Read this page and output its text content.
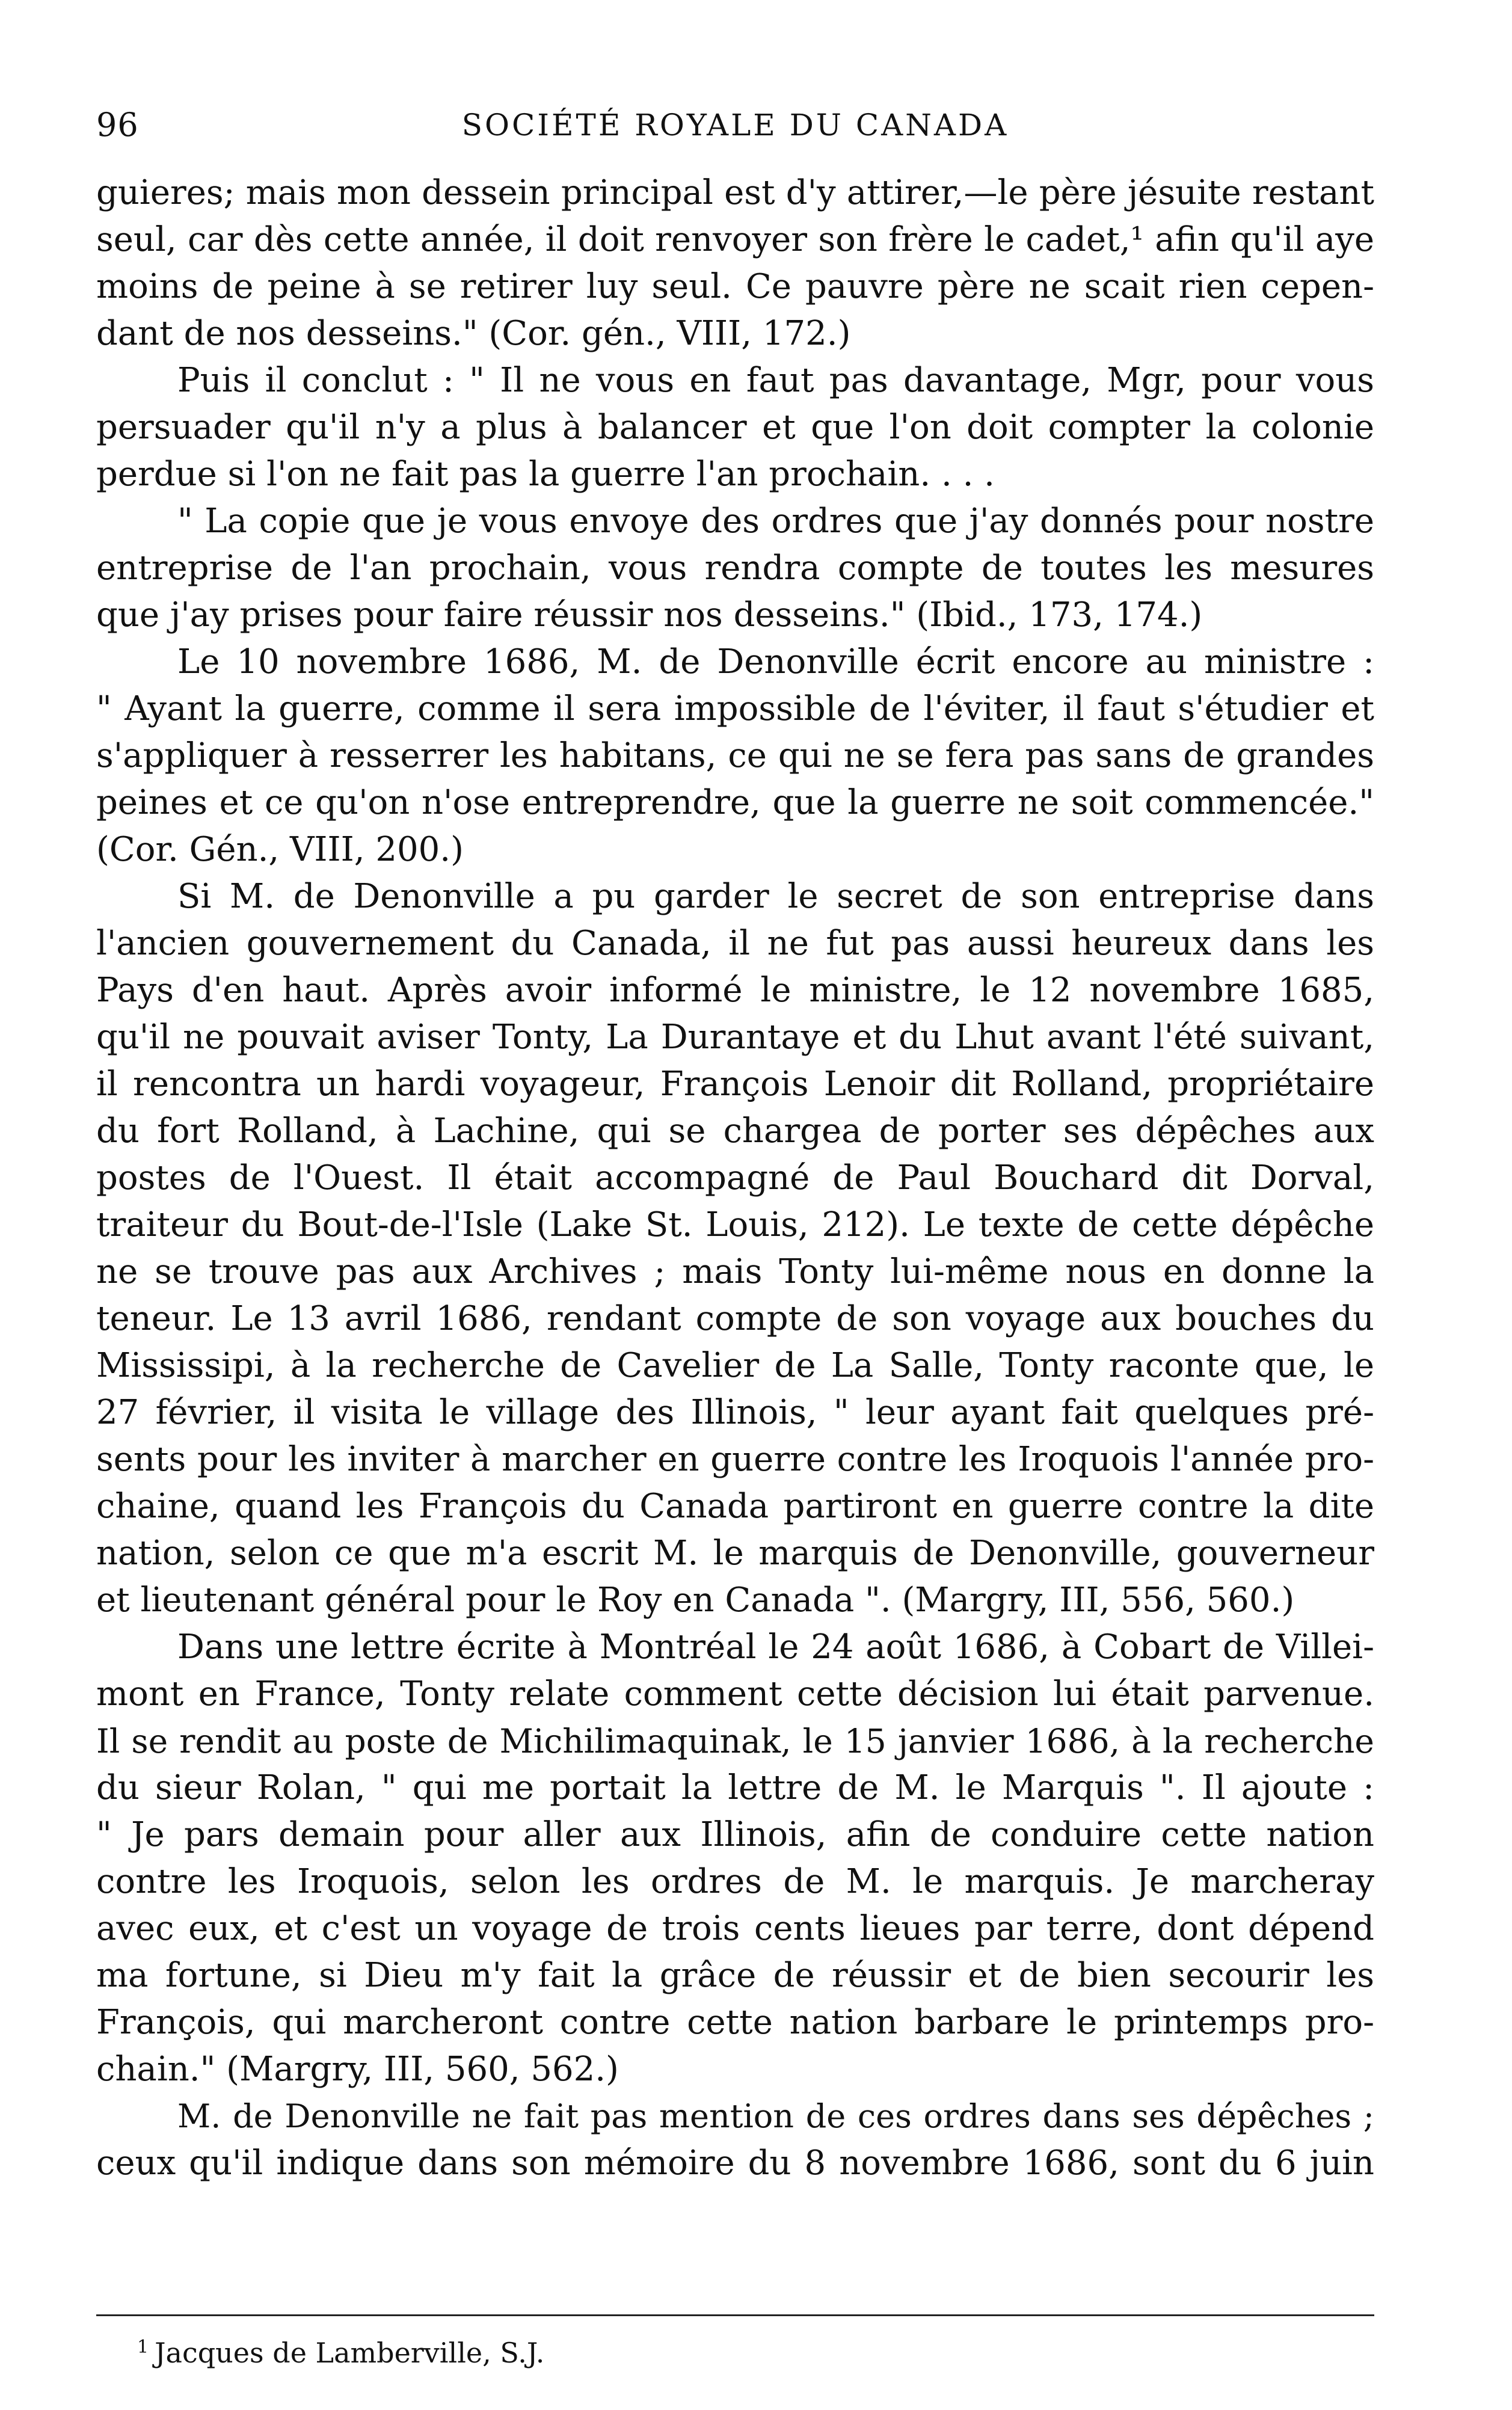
96	SOCIÉTÉ ROYALE DU CANADA
guieres; mais mon dessein principal est d'y attirer,—le père jésuite restant
seul, car dès cette année, il doit renvoyer son frère le cadet,¹ afin qu'il aye
moins de peine à se retirer luy seul. Ce pauvre père ne scait rien cepen-
dant de nos desseins." (Cor. gén., VIII, 172.)
Puis il conclut : " Il ne vous en faut pas davantage, Mgr, pour vous
persuader qu'il n'y a plus à balancer et que l'on doit compter la colonie
perdue si l'on ne fait pas la guerre l'an prochain. . . .
" La copie que je vous envoye des ordres que j'ay donnés pour nostre
entreprise de l'an prochain, vous rendra compte de toutes les mesures
que j'ay prises pour faire réussir nos desseins." (Ibid., 173, 174.)
Le 10 novembre 1686, M. de Denonville écrit encore au ministre :
" Ayant la guerre, comme il sera impossible de l'éviter, il faut s'étudier et
s'appliquer à resserrer les habitans, ce qui ne se fera pas sans de grandes
peines et ce qu'on n'ose entreprendre, que la guerre ne soit commencée."
(Cor. Gén., VIII, 200.)
Si M. de Denonville a pu garder le secret de son entreprise dans
l'ancien gouvernement du Canada, il ne fut pas aussi heureux dans les
Pays d'en haut. Après avoir informé le ministre, le 12 novembre 1685,
qu'il ne pouvait aviser Tonty, La Durantaye et du Lhut avant l'été suivant,
il rencontra un hardi voyageur, François Lenoir dit Rolland, propriétaire
du fort Rolland, à Lachine, qui se chargea de porter ses dépêches aux
postes de l'Ouest. Il était accompagné de Paul Bouchard dit Dorval,
traiteur du Bout-de-l'Isle (Lake St. Louis, 212). Le texte de cette dépêche
ne se trouve pas aux Archives ; mais Tonty lui-même nous en donne la
teneur. Le 13 avril 1686, rendant compte de son voyage aux bouches du
Mississipi, à la recherche de Cavelier de La Salle, Tonty raconte que, le
27 février, il visita le village des Illinois, " leur ayant fait quelques pré-
sents pour les inviter à marcher en guerre contre les Iroquois l'année pro-
chaine, quand les François du Canada partiront en guerre contre la dite
nation, selon ce que m'a escrit M. le marquis de Denonville, gouverneur
et lieutenant général pour le Roy en Canada ". (Margry, III, 556, 560.)
Dans une lettre écrite à Montréal le 24 août 1686, à Cobart de Villei-
mont en France, Tonty relate comment cette décision lui était parvenue.
Il se rendit au poste de Michilimaquinak, le 15 janvier 1686, à la recherche
du sieur Rolan, " qui me portait la lettre de M. le Marquis ". Il ajoute :
" Je pars demain pour aller aux Illinois, afin de conduire cette nation
contre les Iroquois, selon les ordres de M. le marquis. Je marcheray
avec eux, et c'est un voyage de trois cents lieues par terre, dont dépend
ma fortune, si Dieu m'y fait la grâce de réussir et de bien secourir les
François, qui marcheront contre cette nation barbare le printemps pro-
chain." (Margry, III, 560, 562.)
M. de Denonville ne fait pas mention de ces ordres dans ses dépêches ;
ceux qu'il indique dans son mémoire du 8 novembre 1686, sont du 6 juin
$^1$ Jacques de Lamberville, S.J.
